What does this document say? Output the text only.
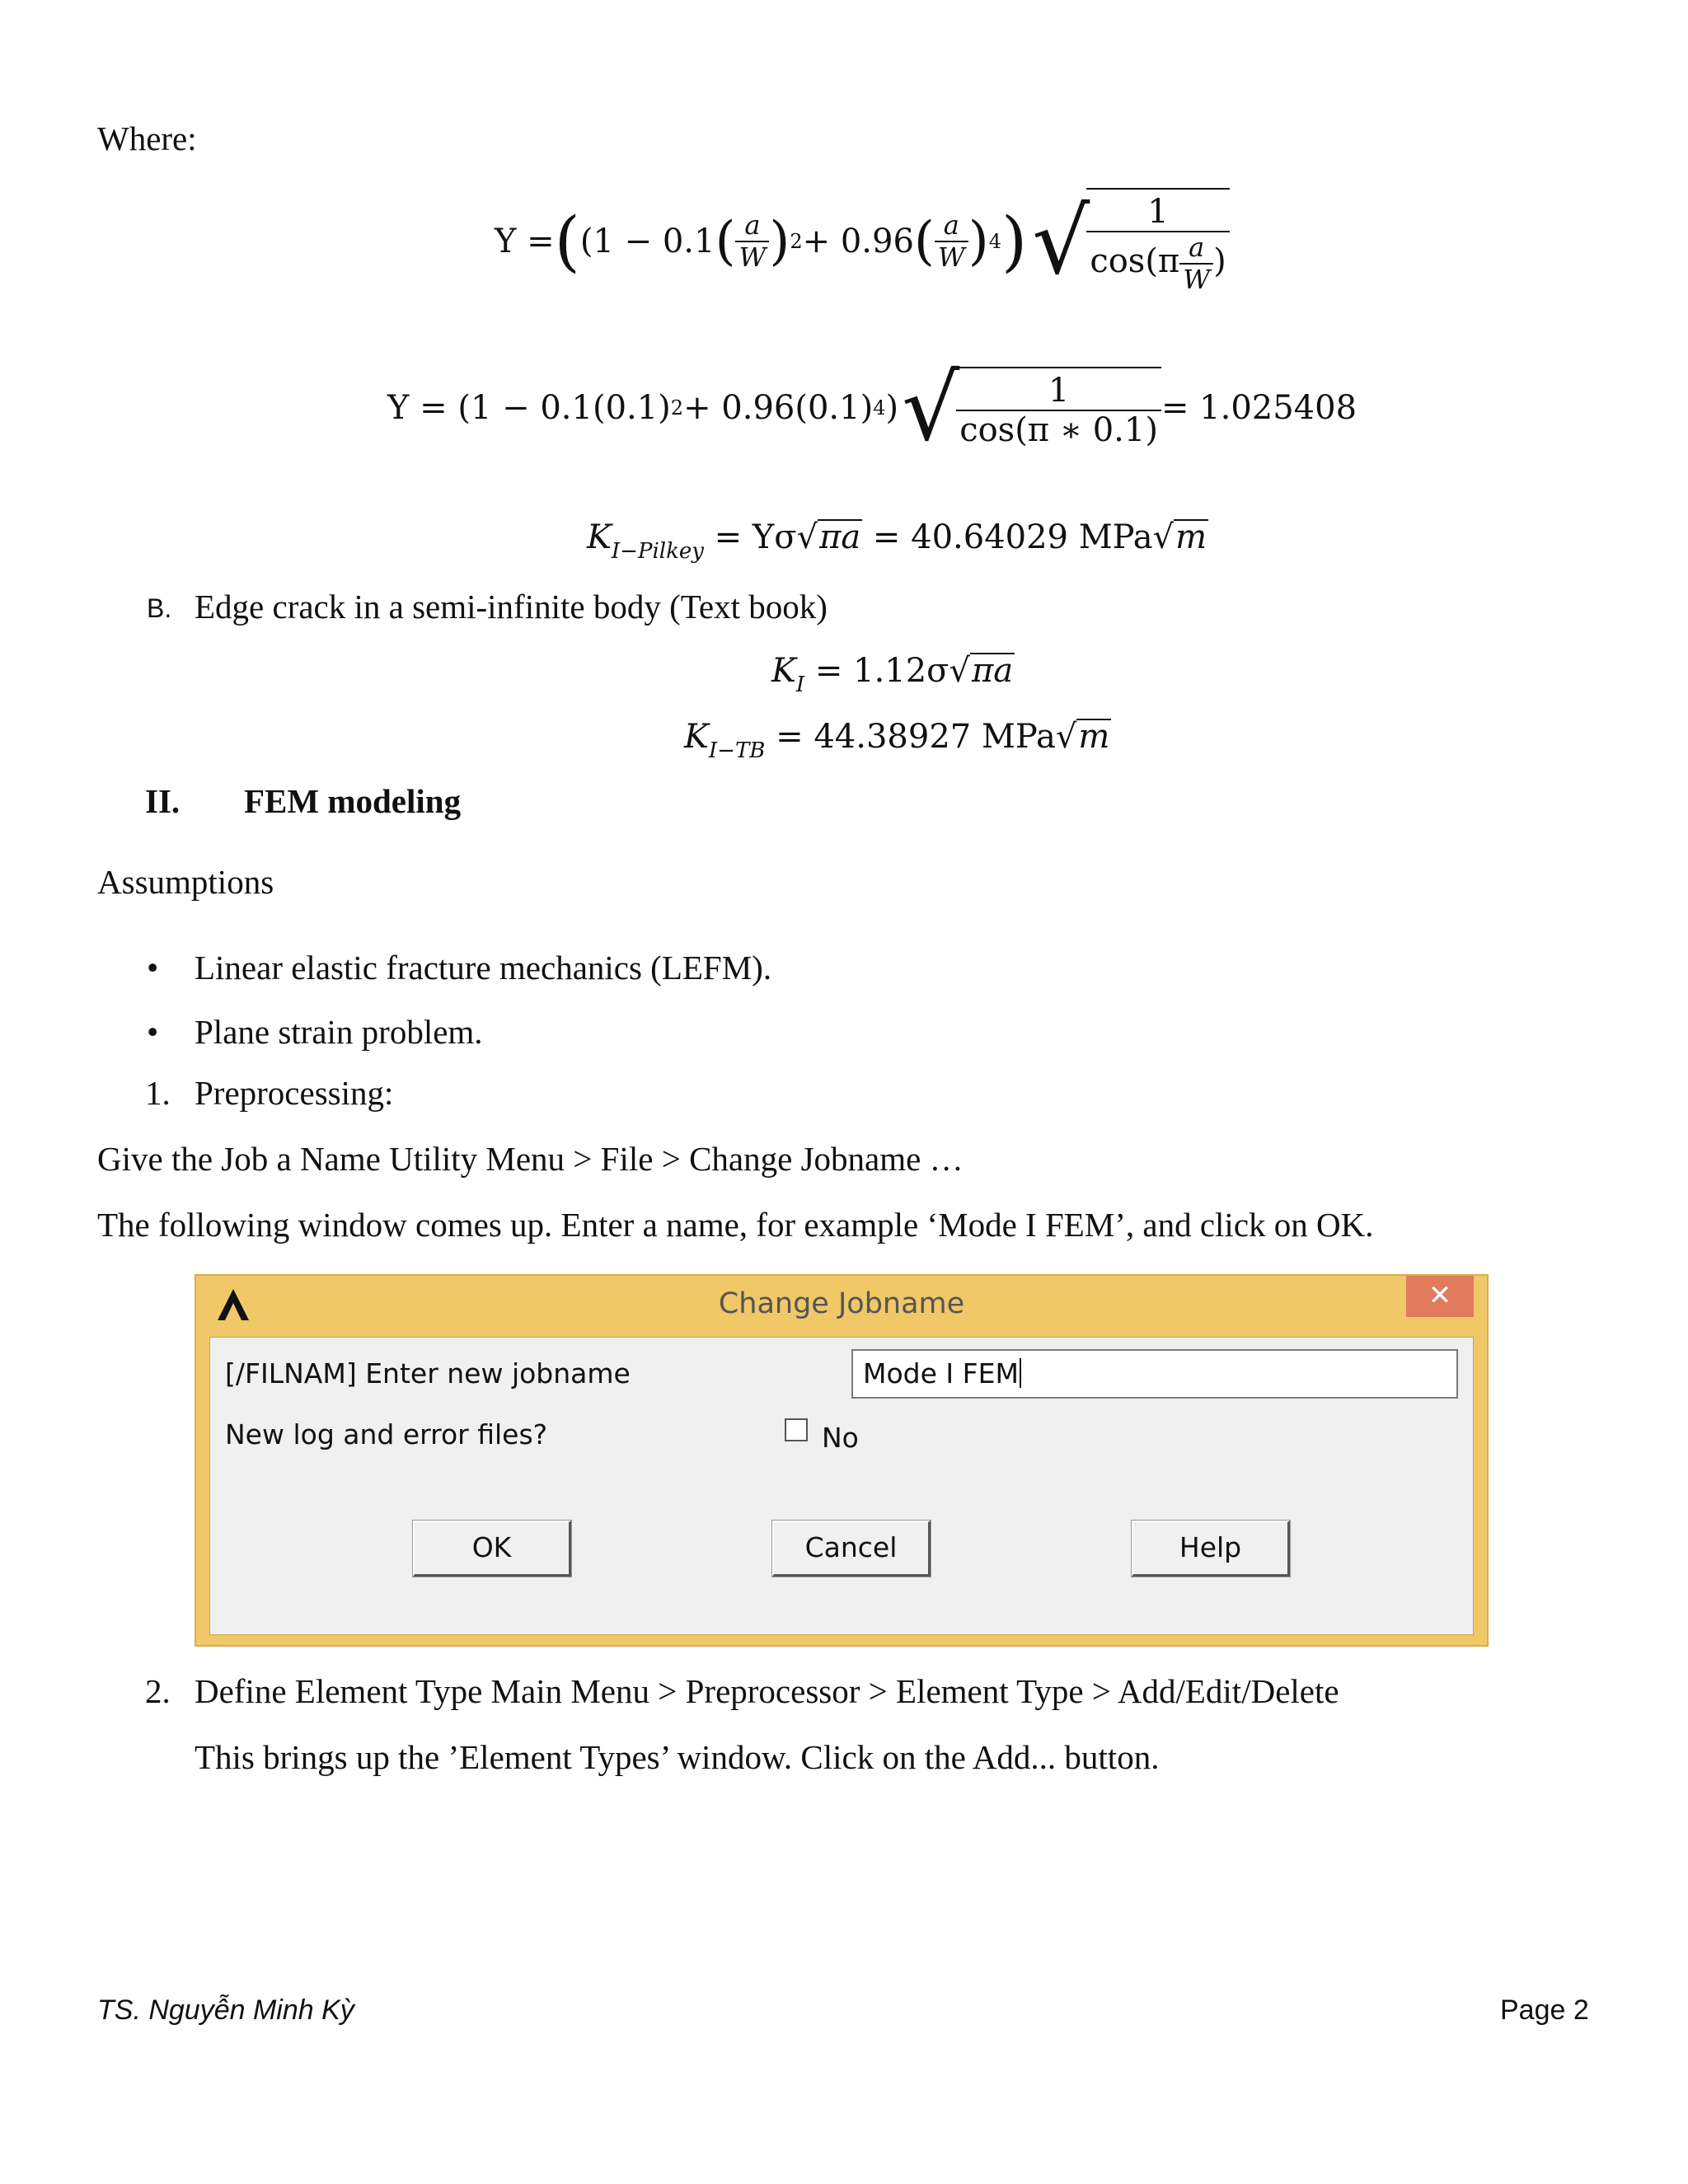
Where:
Y = ( (1 − 0.1 ( $\frac{a}{W}$ ) 2 + 0.96 ( $\frac{a}{W}$ ) 4 ) √
$\frac{1}{\cos(\pi \frac{a}{W} )}$
Y = (1 − 0.1(0.1) 2 + 0.96(0.1) 4 ) √
$\frac{1}{\cos(\pi ∗ 0.1)} = 1.025408$
$K_{I-Pilkey} = Y\sigma√\pi a = 40.64029$ MPa√m
B. Edge crack in a semi-infinite body (Text book)
$K_I = 1.12\sigma√\pi a$
$K_{I-TB} = 44.38927$ MPa√m
II. FEM modeling
Assumptions
• Linear elastic fracture mechanics (LEFM).
• Plane strain problem.
1. Preprocessing:
Give the Job a Name Utility Menu > File > Change Jobname …
The following window comes up. Enter a name, for example ‘Mode I FEM’, and click on OK.
Change Jobname	✕
[/FILNAM] Enter new jobname	Mode I FEM
New log and error files?	No
OK	Cancel	Help
2. Define Element Type Main Menu > Preprocessor > Element Type > Add/Edit/Delete
This brings up the ’Element Types’ window. Click on the Add... button.
TS. Nguyễn Minh Kỳ	Page 2
